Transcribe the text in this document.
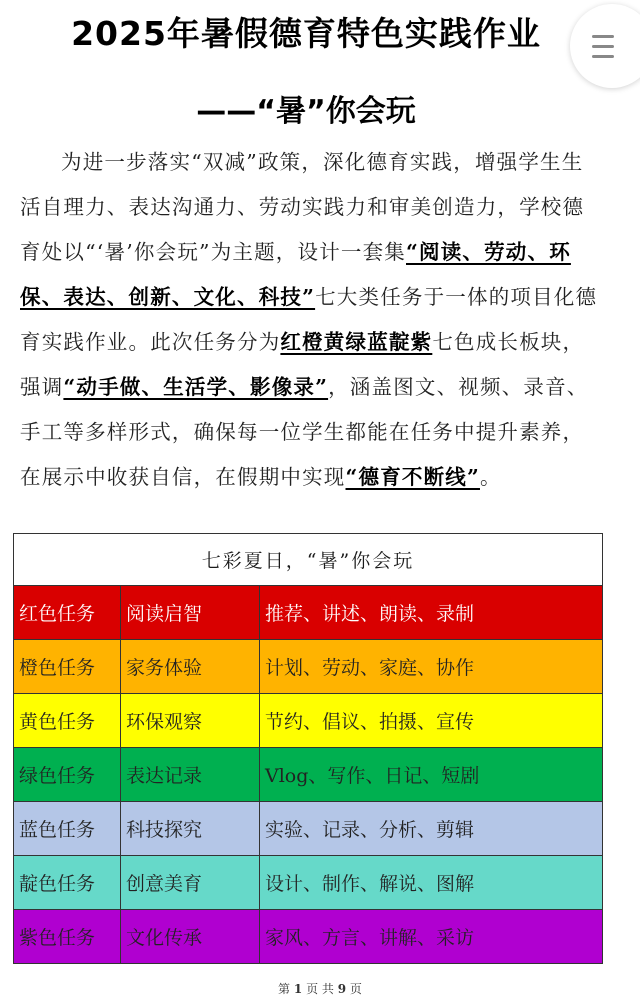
2025年暑假德育特色实践作业
——“暑”你会玩
为进一步落实“双减”政策，深化德育实践，增强学生生活自理力、表达沟通力、劳动实践力和审美创造力，学校德育处以“‘暑’你会玩”为主题，设计一套集“阅读、劳动、环保、表达、创新、文化、科技”七大类任务于一体的项目化德育实践作业。此次任务分为红橙黄绿蓝靛紫七色成长板块，强调“动手做、生活学、影像录”，涵盖图文、视频、录音、手工等多样形式，确保每一位学生都能在任务中提升素养，在展示中收获自信，在假期中实现“德育不断线”。
七彩夏日，“暑”你会玩		
红色任务	阅读启智	推荐、讲述、朗读、录制
橙色任务	家务体验	计划、劳动、家庭、协作
黄色任务	环保观察	节约、倡议、拍摄、宣传
绿色任务	表达记录	Vlog、写作、日记、短剧
蓝色任务	科技探究	实验、记录、分析、剪辑
靛色任务	创意美育	设计、制作、解说、图解
紫色任务	文化传承	家风、方言、讲解、采访
第 1 页 共 9 页
